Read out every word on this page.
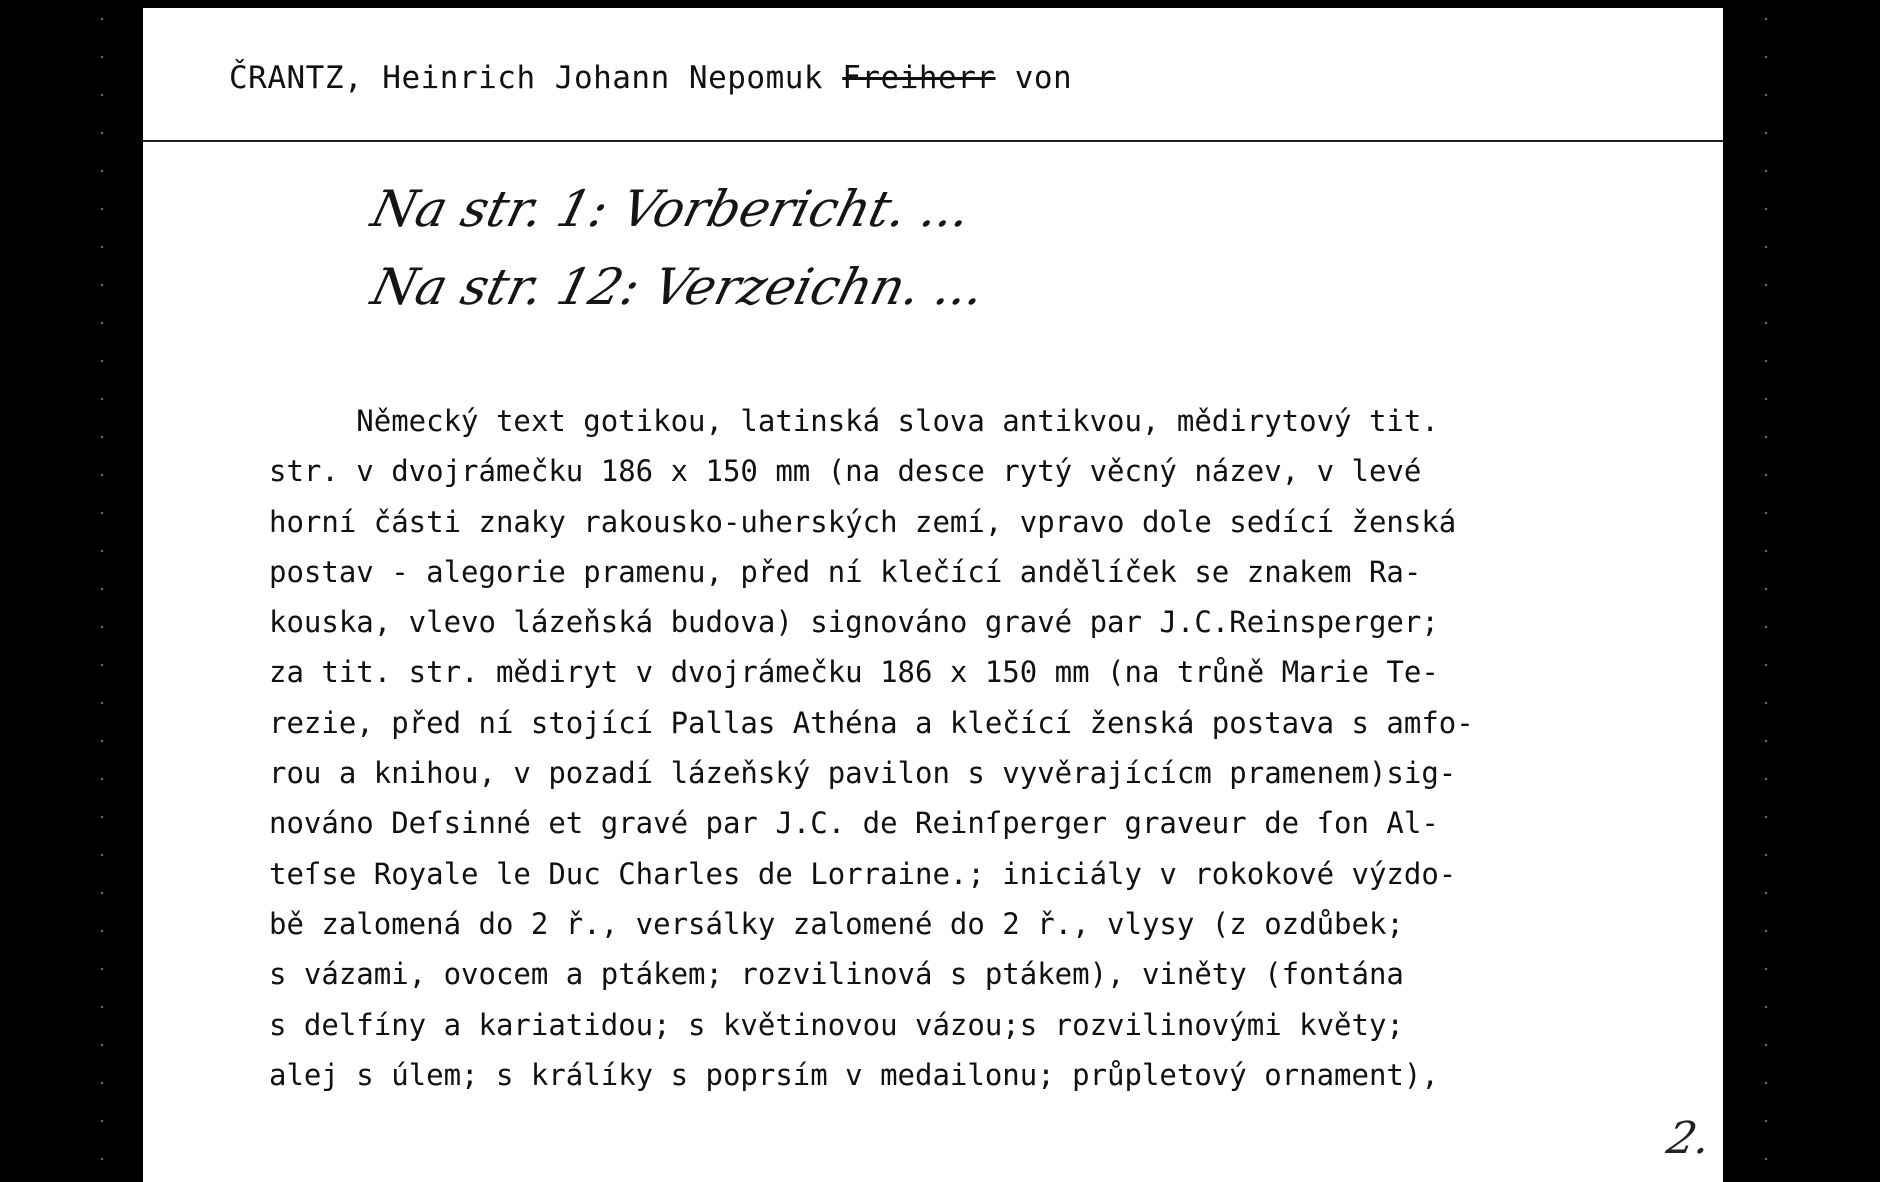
ČRANTZ, Heinrich Johann Nepomuk Freiherr von
Na str. 1: Vorbericht. ...
Na str. 12: Verzeichn. ...
Německý text gotikou, latinská slova antikvou, mědirytový tit.
str. v dvojrámečku 186 x 150 mm (na desce rytý věcný název, v levé
horní části znaky rakousko-uherských zemí, vpravo dole sedící ženská
postav - alegorie pramenu, před ní klečící andělíček se znakem Ra-
kouska, vlevo lázeňská budova) signováno gravé par J.C.Reinsperger;
za tit. str. mědiryt v dvojrámečku 186 x 150 mm (na trůně Marie Te-
rezie, před ní stojící Pallas Athéna a klečící ženská postava s amfo-
rou a knihou, v pozadí lázeňský pavilon s vyvěrajícícm pramenem)sig-
nováno Deſsinné et gravé par J.C. de Reinſperger graveur de ſon Al-
teſse Royale le Duc Charles de Lorraine.; iniciály v rokokové výzdo-
bě zalomená do 2 ř., versálky zalomené do 2 ř., vlysy (z ozdůbek;
s vázami, ovocem a ptákem; rozvilinová s ptákem), viněty (fontána
s delfíny a kariatidou; s květinovou vázou;s rozvilinovými květy;
alej s úlem; s králíky s poprsím v medailonu; průpletový ornament),
2.
